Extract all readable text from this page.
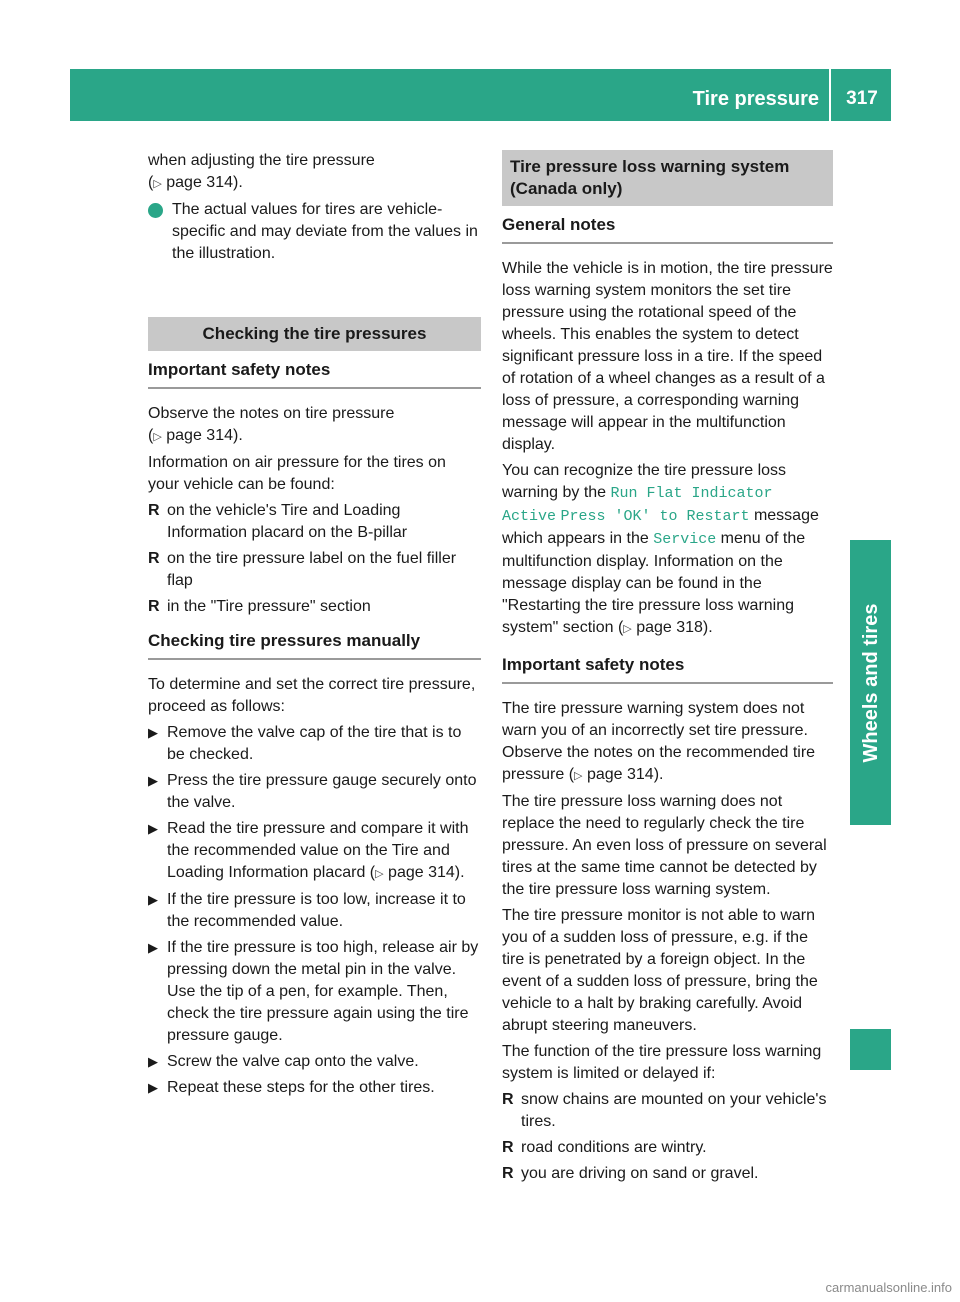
Tire pressure	317
Wheels and tires

when adjusting the tire pressure
(▷ page 314).

i The actual values for tires are vehicle-specific and may deviate from the values in the illustration.

Checking the tire pressures
Important safety notes

Observe the notes on tire pressure
(▷ page 314).

Information on air pressure for the tires on your vehicle can be found:

R on the vehicle's Tire and Loading Information placard on the B-pillar
R on the tire pressure label on the fuel filler flap
R in the "Tire pressure" section
Checking tire pressures manually

To determine and set the correct tire pressure, proceed as follows:

▶ Remove the valve cap of the tire that is to be checked.
▶ Press the tire pressure gauge securely onto the valve.
▶ Read the tire pressure and compare it with the recommended value on the Tire and Loading Information placard (▷ page 314).
▶ If the tire pressure is too low, increase it to the recommended value.
▶ If the tire pressure is too high, release air by pressing down the metal pin in the valve. Use the tip of a pen, for example. Then, check the tire pressure again using the tire pressure gauge.
▶ Screw the valve cap onto the valve.
▶ Repeat these steps for the other tires.
Tire pressure loss warning system (Canada only)
General notes

While the vehicle is in motion, the tire pressure loss warning system monitors the set tire pressure using the rotational speed of the wheels. This enables the system to detect significant pressure loss in a tire. If the speed of rotation of a wheel changes as a result of a loss of pressure, a corresponding warning message will appear in the multifunction display.

You can recognize the tire pressure loss warning by the Run Flat Indicator Active Press 'OK' to Restart message which appears in the Service menu of the multifunction display. Information on the message display can be found in the "Restarting the tire pressure loss warning system" section (▷ page 318).

Important safety notes

The tire pressure warning system does not warn you of an incorrectly set tire pressure. Observe the notes on the recommended tire pressure (▷ page 314).

The tire pressure loss warning does not replace the need to regularly check the tire pressure. An even loss of pressure on several tires at the same time cannot be detected by the tire pressure loss warning system.

The tire pressure monitor is not able to warn you of a sudden loss of pressure, e.g. if the tire is penetrated by a foreign object. In the event of a sudden loss of pressure, bring the vehicle to a halt by braking carefully. Avoid abrupt steering maneuvers.

The function of the tire pressure loss warning system is limited or delayed if:

R snow chains are mounted on your vehicle's tires.
R road conditions are wintry.
R you are driving on sand or gravel.
carmanualsonline.info
